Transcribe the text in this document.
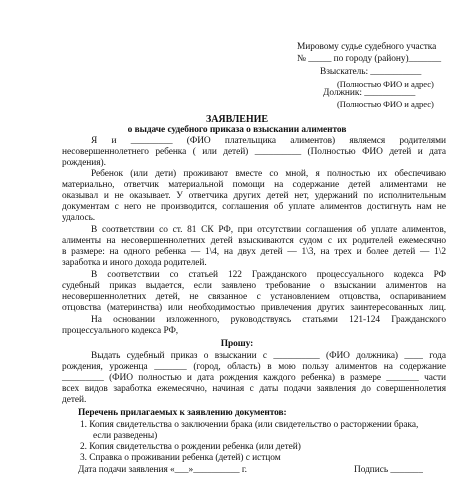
Мировому судье судебного участка

№ _____ по городу (району)_______

Взыскатель: ___________

(Полностью ФИО и адрес)

Должник: ___________

(Полностью ФИО и адрес)

ЗАЯВЛЕНИЕ

о выдаче судебного приказа о взыскании алиментов

Я и _________ (ФИО плательщика алиментов) являемся родителями

несовершеннолетнего ребенка ( или детей) __________ (Полностью ФИО детей и дата

рождения).

Ребенок (или дети) проживают вместе со мной, я полностью их обеспечиваю

материально, ответчик материальной помощи на содержание детей алиментами не

оказывал и не оказывает. У ответчика других детей нет, удержаний по исполнительным

документам с него не производится, соглашения об уплате алиментов достигнуть нам не

удалось.

В соответствии со ст. 81 СК РФ, при отсутствии соглашения об уплате алиментов,

алименты на несовершеннолетних детей взыскиваются судом с их родителей ежемесячно

в размере: на одного ребенка — 1\4, на двух детей — 1\3, на трех и более детей — 1\2

заработка и иного дохода родителей.

В соответствии со статьей 122 Гражданского процессуального кодекса РФ

судебный приказ выдается, если заявлено требование о взыскании алиментов на

несовершеннолетних детей, не связанное с установлением отцовства, оспариванием

отцовства (материнства) или необходимостью привлечения других заинтересованных лиц.

На основании изложенного, руководствуясь статьями 121-124 Гражданского

процессуального кодекса РФ,

Прошу:

Выдать судебный приказ о взыскании с __________ (ФИО должника) ____ года

рождения, уроженца _______ (город, область) в мою пользу алиментов на содержание

_________ (ФИО полностью и дата рождения каждого ребенка) в размере _______ части

всех видов заработка ежемесячно, начиная с даты подачи заявления до совершеннолетия

детей.

Перечень прилагаемых к заявлению документов:

1. Копия свидетельства о заключении брака (или свидетельство о расторжении брака,

если разведены)

2. Копия свидетельства о рождении ребенка (или детей)

3. Справка о проживании ребенка (детей) с истцом

Дата подачи заявления «___»__________ г.	Подпись _______
